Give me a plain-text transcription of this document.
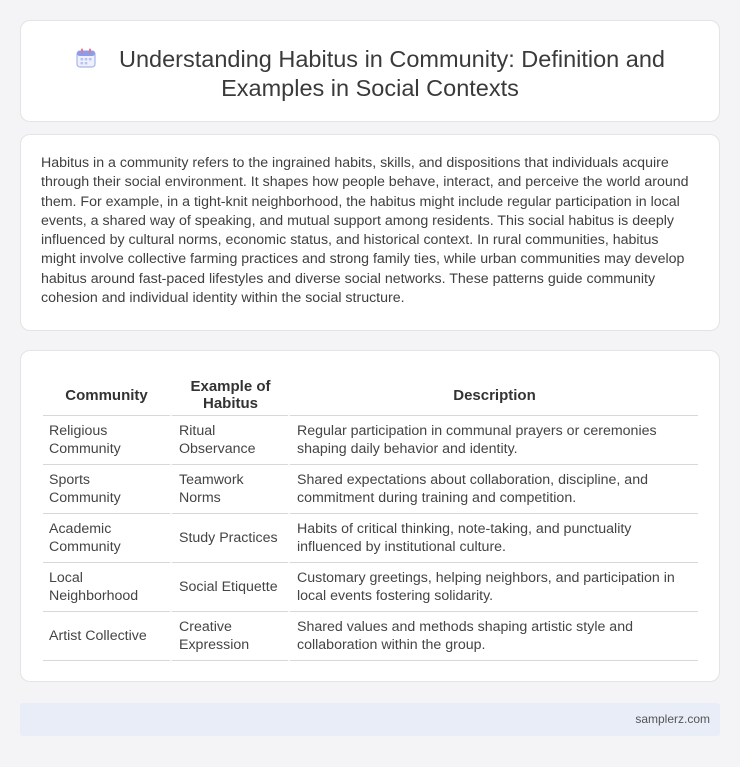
Understanding Habitus in Community: Definition and Examples in Social Contexts

Habitus in a community refers to the ingrained habits, skills, and dispositions that individuals acquire through their social environment. It shapes how people behave, interact, and perceive the world around them. For example, in a tight-knit neighborhood, the habitus might include regular participation in local events, a shared way of speaking, and mutual support among residents. This social habitus is deeply influenced by cultural norms, economic status, and historical context. In rural communities, habitus might involve collective farming practices and strong family ties, while urban communities may develop habitus around fast-paced lifestyles and diverse social networks. These patterns guide community cohesion and individual identity within the social structure.

Community	Example of Habitus	Description
Religious Community	Ritual Observance	Regular participation in communal prayers or ceremonies shaping daily behavior and identity.
Sports Community	Teamwork Norms	Shared expectations about collaboration, discipline, and commitment during training and competition.
Academic Community	Study Practices	Habits of critical thinking, note-taking, and punctuality influenced by institutional culture.
Local Neighborhood	Social Etiquette	Customary greetings, helping neighbors, and participation in local events fostering solidarity.
Artist Collective	Creative Expression	Shared values and methods shaping artistic style and collaboration within the group.
samplerz.com
